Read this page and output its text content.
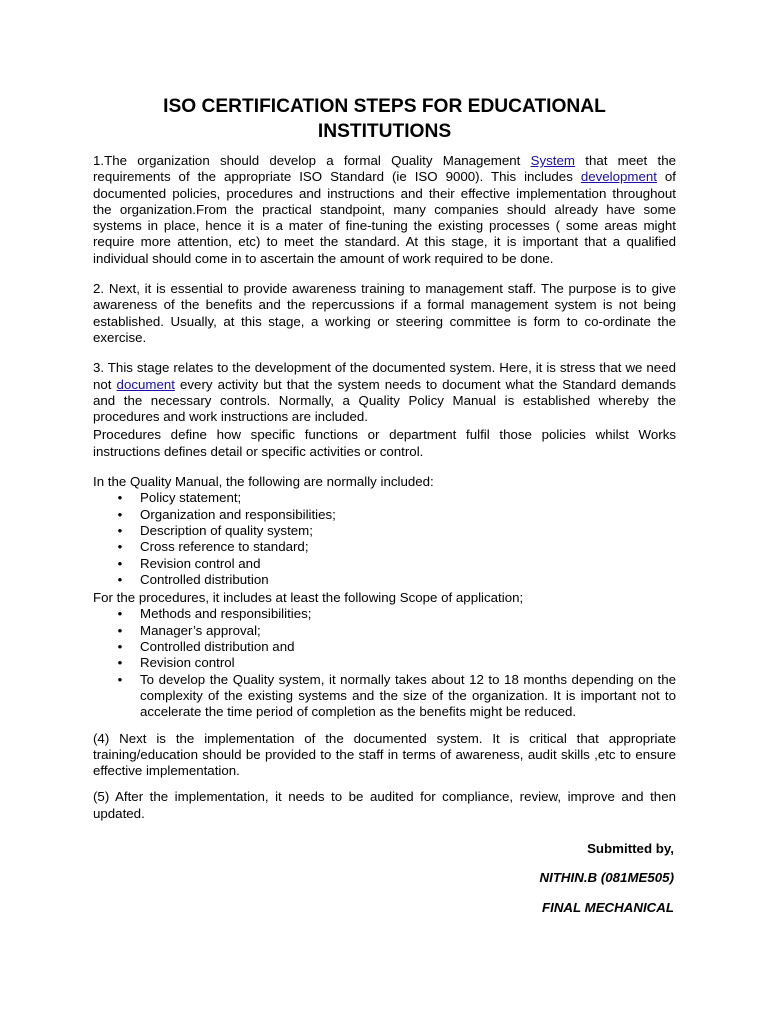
ISO CERTIFICATION STEPS FOR EDUCATIONAL
INSTITUTIONS

1.The organization should develop a formal Quality Management System that meet the requirements of the appropriate ISO Standard (ie ISO 9000). This includes development of documented policies, procedures and instructions and their effective implementation throughout the organization.From the practical standpoint, many companies should already have some systems in place, hence it is a mater of fine-tuning the existing processes ( some areas might require more attention, etc) to meet the standard. At this stage, it is important that a qualified individual should come in to ascertain the amount of work required to be done.

2. Next, it is essential to provide awareness training to management staff. The purpose is to give awareness of the benefits and the repercussions if a formal management system is not being established. Usually, at this stage, a working or steering committee is form to co-ordinate the exercise.

3. This stage relates to the development of the documented system. Here, it is stress that we need not document every activity but that the system needs to document what the Standard demands and the necessary controls. Normally, a Quality Policy Manual is established whereby the procedures and work instructions are included.

Procedures define how specific functions or department fulfil those policies whilst Works instructions defines detail or specific activities or control.

In the Quality Manual, the following are normally included:

• Policy statement;
• Organization and responsibilities;
• Description of quality system;
• Cross reference to standard;
• Revision control and
• Controlled distribution

For the procedures, it includes at least the following Scope of application;

• Methods and responsibilities;
• Manager’s approval;
• Controlled distribution and
• Revision control
• To develop the Quality system, it normally takes about 12 to 18 months depending on the complexity of the existing systems and the size of the organization. It is important not to accelerate the time period of completion as the benefits might be reduced.

(4) Next is the implementation of the documented system. It is critical that appropriate training/education should be provided to the staff in terms of awareness, audit skills ,etc to ensure effective implementation.

(5) After the implementation, it needs to be audited for compliance, review, improve and then updated.

Submitted by,
NITHIN.B (081ME505)
FINAL MECHANICAL
